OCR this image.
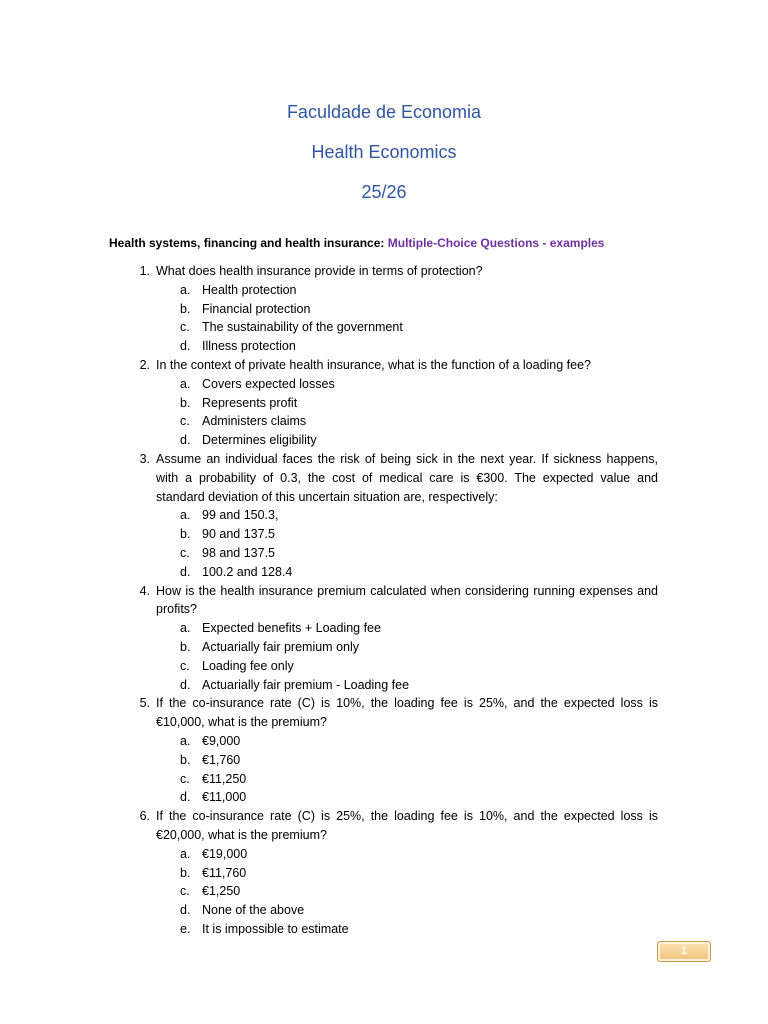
Faculdade de Economia
Health Economics
25/26
Health systems, financing and health insurance: Multiple-Choice Questions - examples
1. What does health insurance provide in terms of protection?
a. Health protection
b. Financial protection
c. The sustainability of the government
d. Illness protection
2. In the context of private health insurance, what is the function of a loading fee?
a. Covers expected losses
b. Represents profit
c. Administers claims
d. Determines eligibility
3. Assume an individual faces the risk of being sick in the next year. If sickness happens, with a probability of 0.3, the cost of medical care is €300. The expected value and standard deviation of this uncertain situation are, respectively:
a. 99 and 150.3,
b. 90 and 137.5
c. 98 and 137.5
d. 100.2 and 128.4
4. How is the health insurance premium calculated when considering running expenses and profits?
a. Expected benefits + Loading fee
b. Actuarially fair premium only
c. Loading fee only
d. Actuarially fair premium - Loading fee
5. If the co-insurance rate (C) is 10%, the loading fee is 25%, and the expected loss is €10,000, what is the premium?
a. €9,000
b. €1,760
c. €11,250
d. €11,000
6. If the co-insurance rate (C) is 25%, the loading fee is 10%, and the expected loss is €20,000, what is the premium?
a. €19,000
b. €11,760
c. €1,250
d. None of the above
e. It is impossible to estimate
1
